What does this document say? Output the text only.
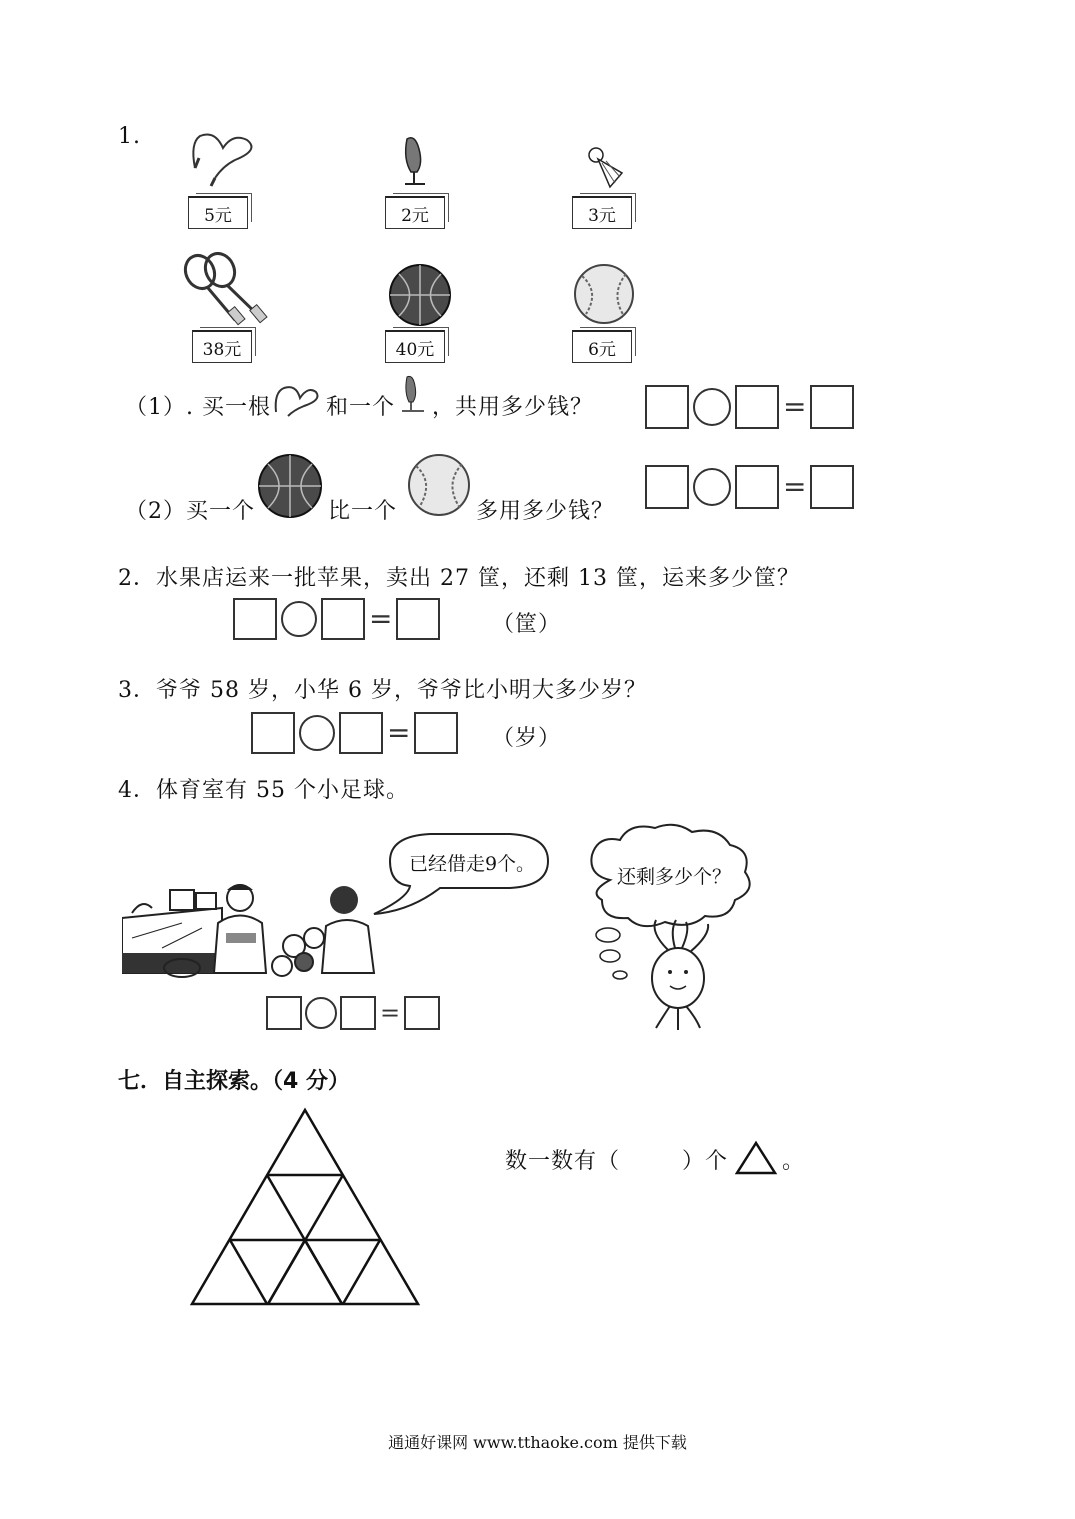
1.
5元	2元	3元
38元	40元	6元
（1）. 买一根	和一个 ，共用多少钱？	=
（2）买一个	比一个	多用多少钱？
=
2．水果店运来一批苹果，卖出 27 筐，还剩 13 筐，运来多少筐？
=	（筐）
3．爷爷 58 岁，小华 6 岁，爷爷比小明大多少岁？
=	（岁）
4．体育室有 55 个小足球。
已经借走9个。
还剩多少个？
=
七．自主探索。（4 分）
数一数有（	）个 。
通通好课网 www.tthaoke.com 提供下载
